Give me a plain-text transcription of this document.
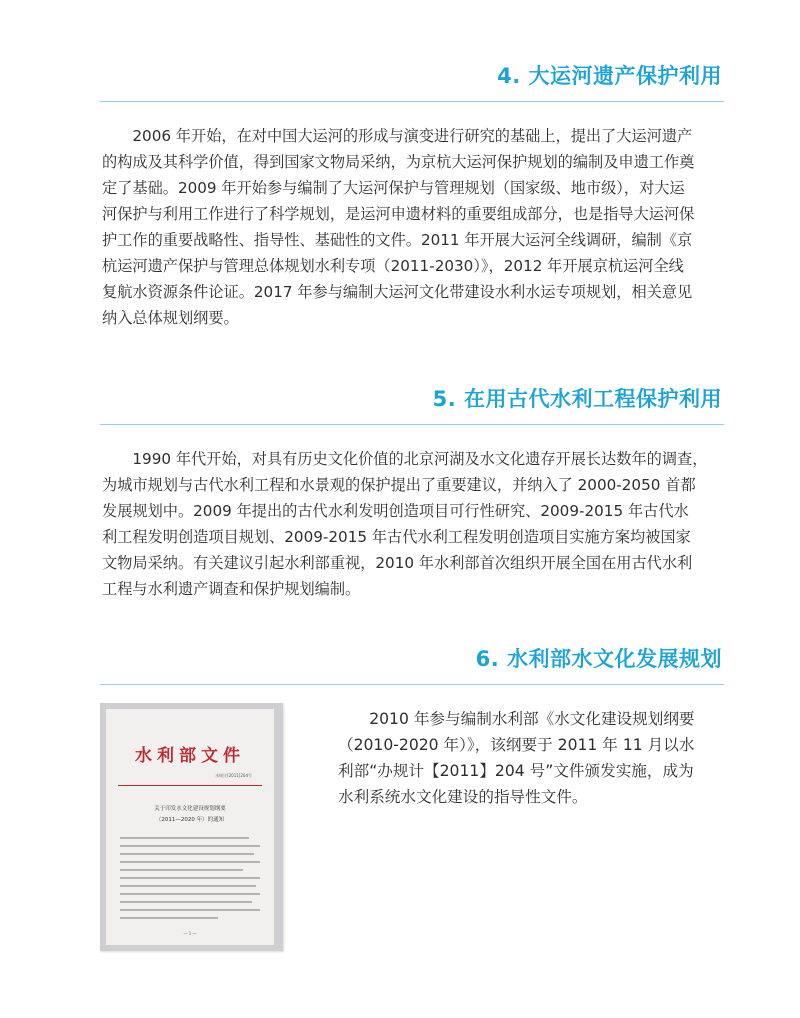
4. 大运河遗产保护利用
　　2006 年开始，在对中国大运河的形成与演变进行研究的基础上，提出了大运河遗产
的构成及其科学价值，得到国家文物局采纳，为京杭大运河保护规划的编制及申遗工作奠
定了基础。2009 年开始参与编制了大运河保护与管理规划（国家级、地市级），对大运
河保护与利用工作进行了科学规划，是运河申遗材料的重要组成部分，也是指导大运河保
护工作的重要战略性、指导性、基础性的文件。2011 年开展大运河全线调研，编制《京
杭运河遗产保护与管理总体规划水利专项（2011-2030）》，2012 年开展京杭运河全线
复航水资源条件论证。2017 年参与编制大运河文化带建设水利水运专项规划，相关意见
纳入总体规划纲要。
5. 在用古代水利工程保护利用
　　1990 年代开始，对具有历史文化价值的北京河湖及水文化遗存开展长达数年的调查，
为城市规划与古代水利工程和水景观的保护提出了重要建议，并纳入了 2000-2050 首都
发展规划中。2009 年提出的古代水利发明创造项目可行性研究、2009-2015 年古代水
利工程发明创造项目规划、2009-2015 年古代水利工程发明创造项目实施方案均被国家
文物局采纳。有关建议引起水利部重视，2010 年水利部首次组织开展全国在用古代水利
工程与水利遗产调查和保护规划编制。
6. 水利部水文化发展规划
水利部文件
水规计[2011]204号
关于印发水文化建设规划纲要
（2011—2020 年）的通知
— 1 —
　　2010 年参与编制水利部《水文化建设规划纲要
（2010-2020 年）》，该纲要于 2011 年 11 月以水
利部“办规计【2011】204 号”文件颁发实施，成为
水利系统水文化建设的指导性文件。
